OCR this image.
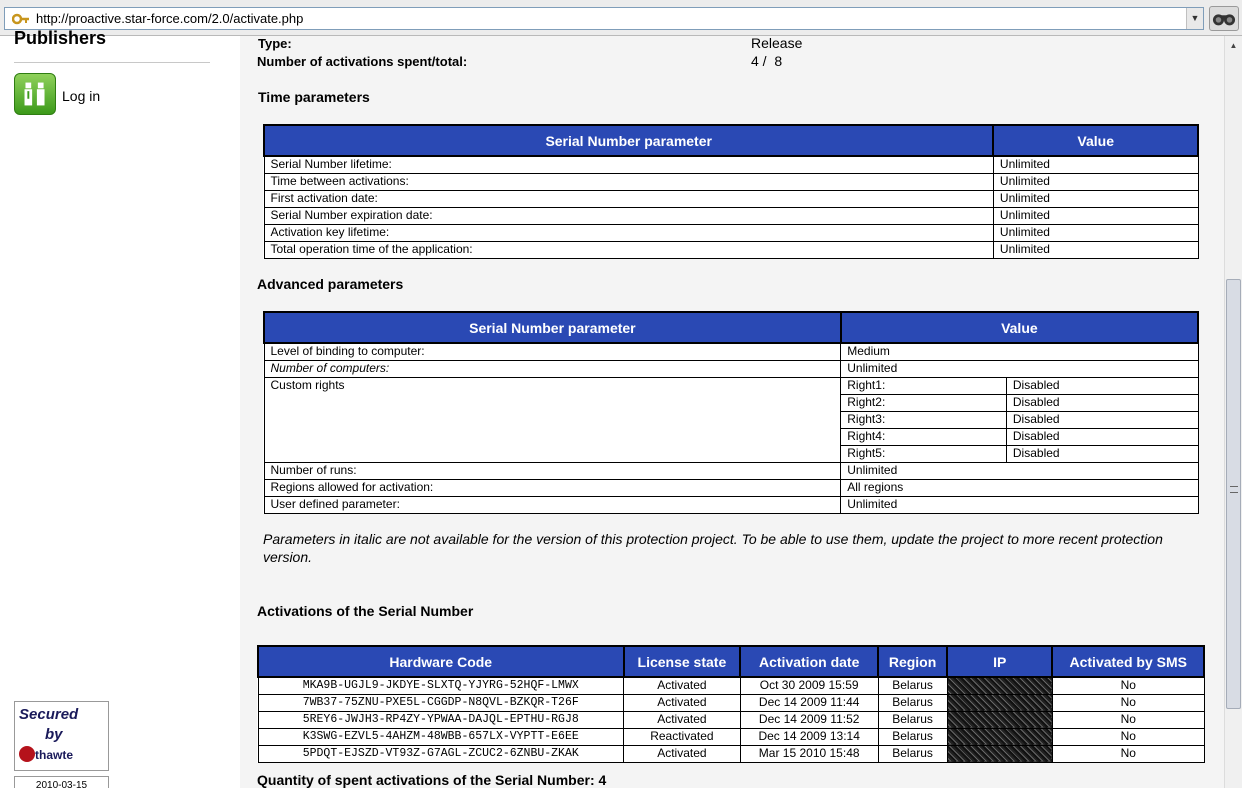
http://proactive.star-force.com/2.0/activate.php	▼
Publishers
Log in
Secured
by
thawte
2010-03-15
Type:	Release
Number of activations spent/total:	4 /  8
Time parameters
Serial Number parameter	Value
Serial Number lifetime:	Unlimited
Time between activations:	Unlimited
First activation date:	Unlimited
Serial Number expiration date:	Unlimited
Activation key lifetime:	Unlimited
Total operation time of the application:	Unlimited
Advanced parameters
Serial Number parameter	Value	
Level of binding to computer:	Medium	
Number of computers:	Unlimited	
Custom rights	Right1:	Disabled
	Right2:	Disabled
	Right3:	Disabled
	Right4:	Disabled
	Right5:	Disabled
Number of runs:	Unlimited	
Regions allowed for activation:	All regions	
User defined parameter:	Unlimited	

Parameters in italic are not available for the version of this protection project. To be able to use them, update the project to more recent protection version.

Activations of the Serial Number
Hardware Code	License state	Activation date	Region	IP	Activated by SMS
MKA9B-UGJL9-JKDYE-SLXTQ-YJYRG-52HQF-LMWX	Activated	Oct 30 2009 15:59	Belarus		No
7WB37-75ZNU-PXE5L-CGGDP-N8QVL-BZKQR-T26F	Activated	Dec 14 2009 11:44	Belarus		No
5REY6-JWJH3-RP4ZY-YPWAA-DAJQL-EPTHU-RGJ8	Activated	Dec 14 2009 11:52	Belarus		No
K3SWG-EZVL5-4AHZM-48WBB-657LX-VYPTT-E6EE	Reactivated	Dec 14 2009 13:14	Belarus		No
5PDQT-EJSZD-VT93Z-G7AGL-ZCUC2-6ZNBU-ZKAK	Activated	Mar 15 2010 15:48	Belarus		No
Quantity of spent activations of the Serial Number: 4
▲
